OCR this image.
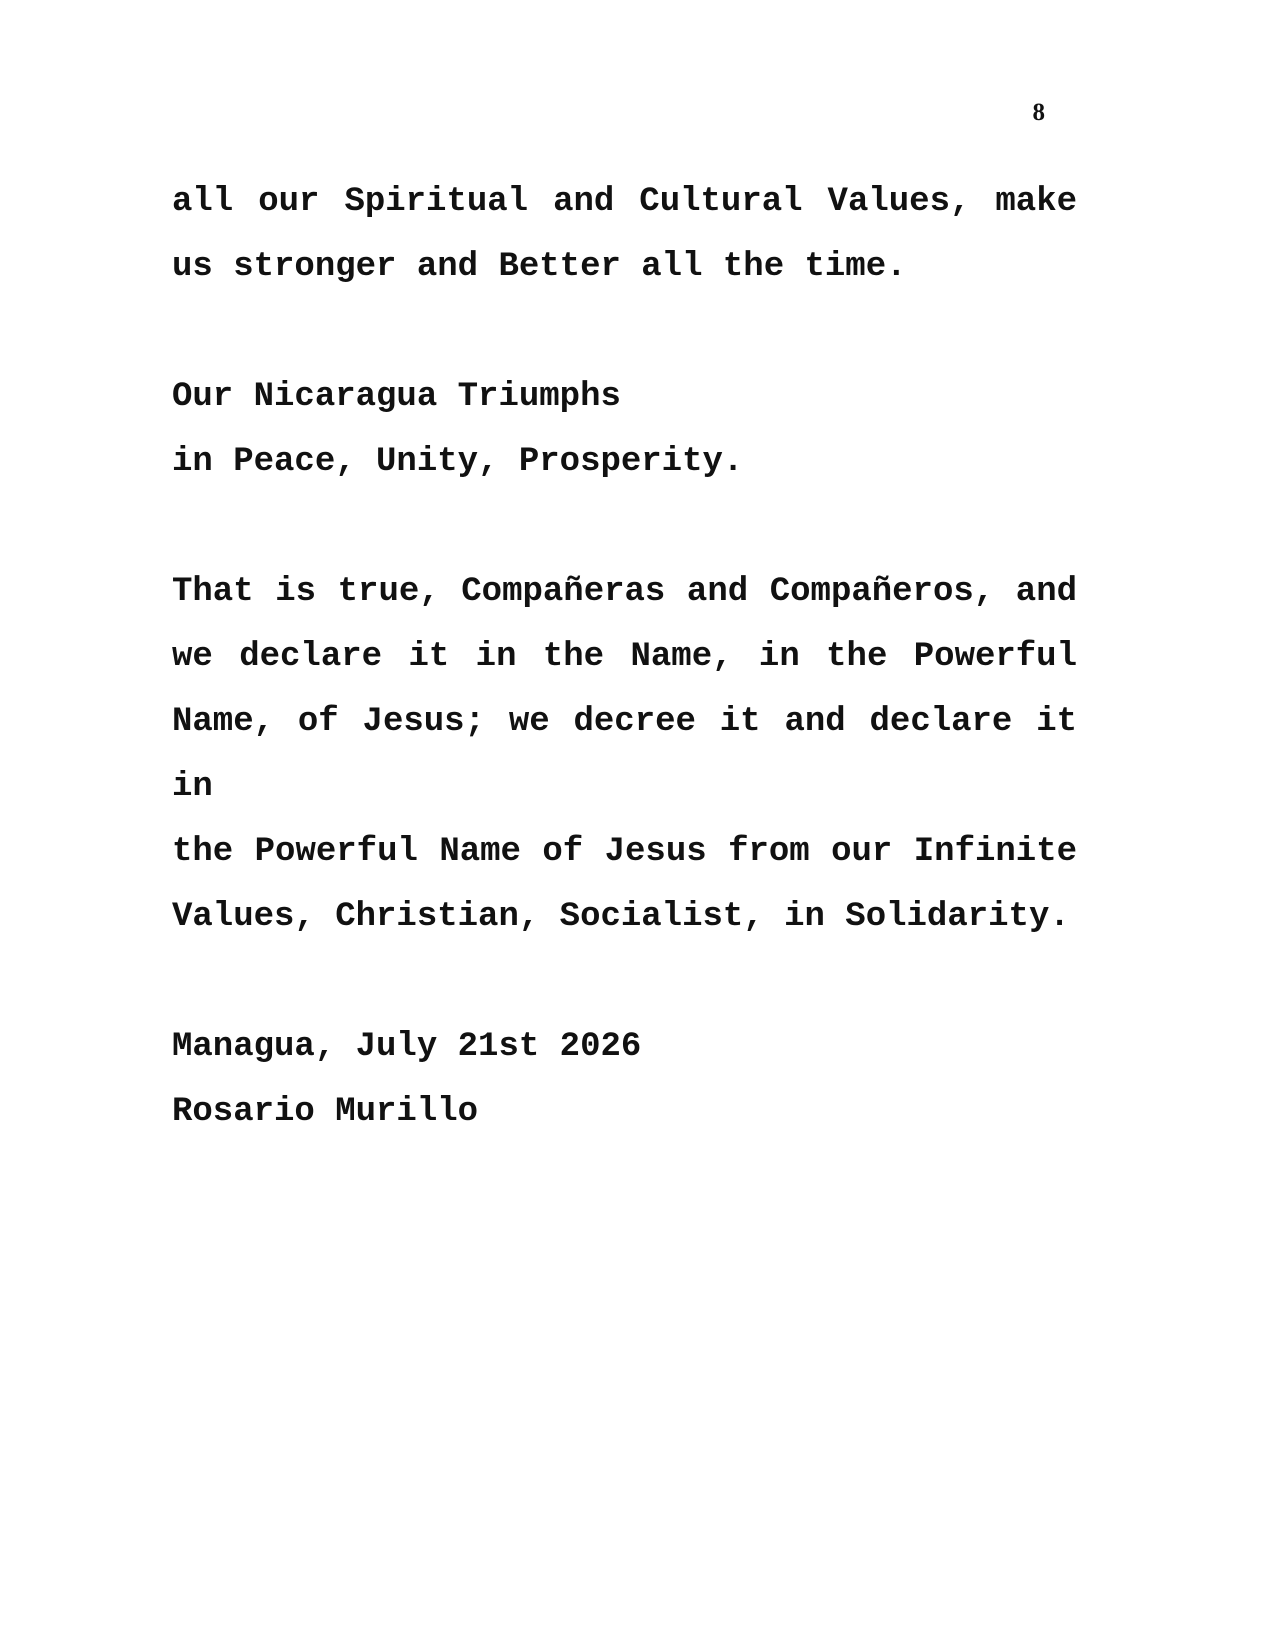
8

all our Spiritual and Cultural Values, make
us stronger and Better all the time.

Our Nicaragua Triumphs
in Peace, Unity, Prosperity.

That is true, Compañeras and Compañeros, and
we declare it in the Name, in the Powerful
Name, of Jesus; we decree it and declare it in
the Powerful Name of Jesus from our Infinite
Values, Christian, Socialist, in Solidarity.

Managua, July 21st 2026
Rosario Murillo
